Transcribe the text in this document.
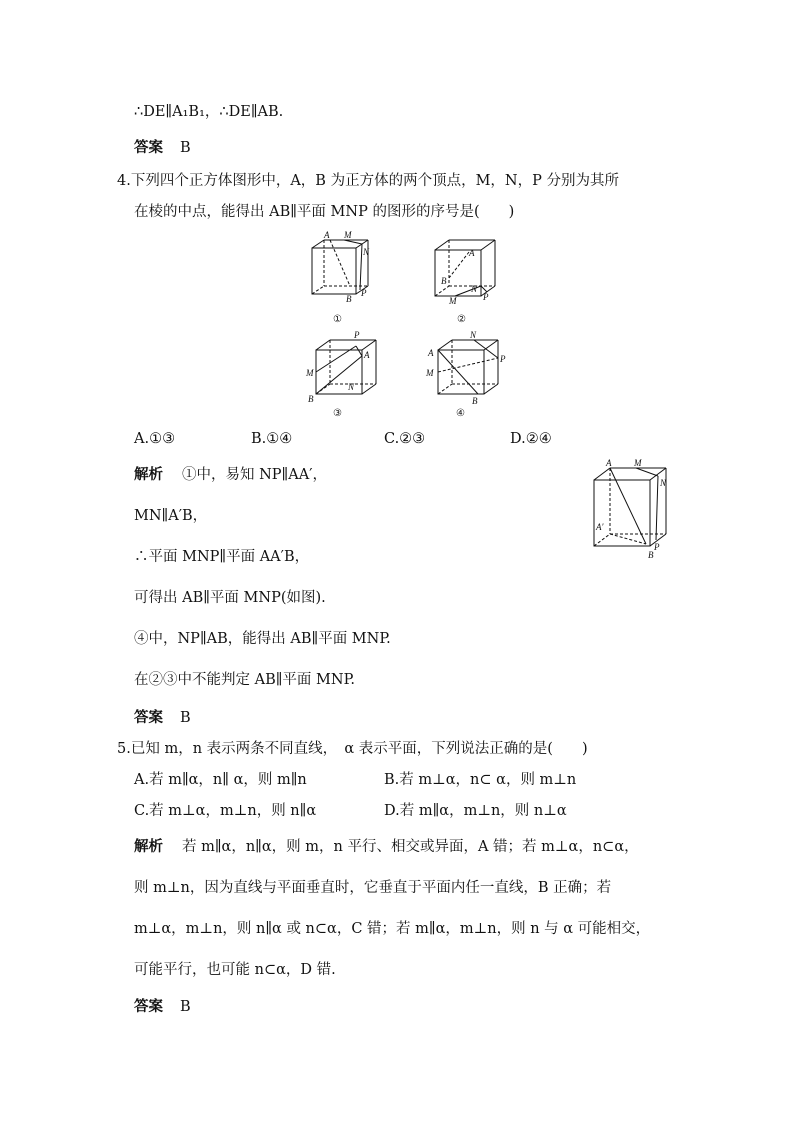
∴DE∥A₁B₁，∴DE∥AB.
答案 B
4.下列四个正方体图形中，A，B 为正方体的两个顶点，M，N，P 分别为其所
在棱的中点，能得出 AB∥平面 MNP 的图形的序号是(　　)
A M
N
B
P
①
A
B
N
M	P
②
P
A
M
N
B
③
N
A
P
M
B
④
A.①③	B.①④	C.②③	D.②④
解析 ①中，易知 NP∥AA′，
MN∥A′B，
∴平面 MNP∥平面 AA′B，
可得出 AB∥平面 MNP(如图).
④中，NP∥AB，能得出 AB∥平面 MNP.
在②③中不能判定 AB∥平面 MNP.
A	M
N
A′
P
B
答案 B
5.已知 m，n 表示两条不同直线，　α 表示平面，下列说法正确的是(　　)
A.若 m∥α，n∥ α，则 m∥n	B.若 m⊥α，n⊂ α，则 m⊥n
C.若 m⊥α，m⊥n，则 n∥α	D.若 m∥α，m⊥n，则 n⊥α
解析 若 m∥α，n∥α，则 m，n 平行、相交或异面，A 错；若 m⊥α，n⊂α，
则 m⊥n，因为直线与平面垂直时，它垂直于平面内任一直线，B 正确；若
m⊥α，m⊥n，则 n∥α 或 n⊂α，C 错；若 m∥α，m⊥n，则 n 与 α 可能相交，
可能平行，也可能 n⊂α，D 错.
答案 B
